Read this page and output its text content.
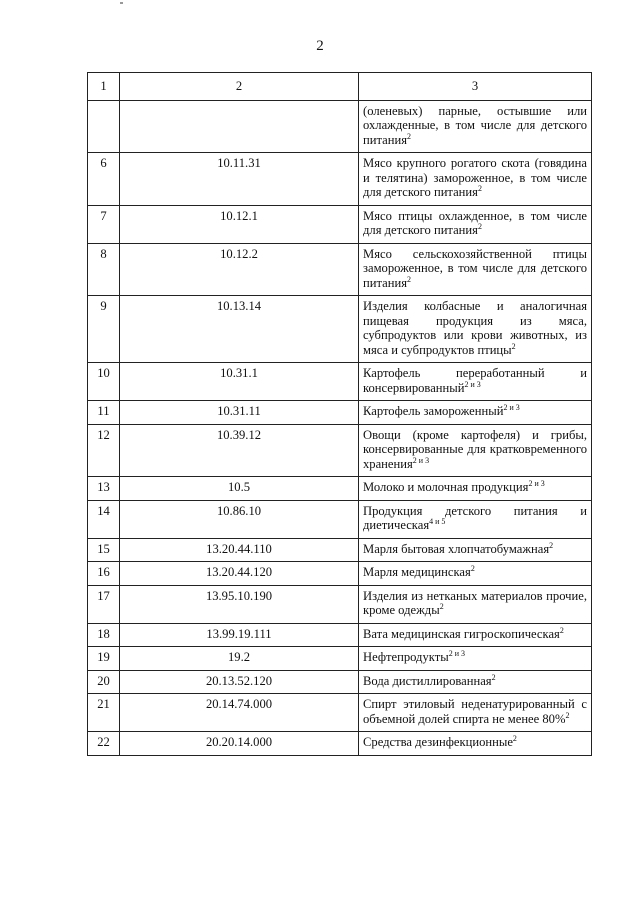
2
1	2	3
		(оленевых) парные, остывшие или охлажденные, в том числе для детского питания$^2$
6	10.11.31	Мясо крупного рогатого скота (говядина и телятина) замороженное, в том числе для детского питания$^2$
7	10.12.1	Мясо птицы охлажденное, в том числе для детского питания$^2$
8	10.12.2	Мясо сельскохозяйственной птицы замороженное, в том числе для детского питания$^2$
9	10.13.14	Изделия колбасные и аналогичная пищевая продукция из мяса, субпродуктов или крови животных, из мяса и субпродуктов птицы$^2$
10	10.31.1	Картофель переработанный и консервированный$^{2 и 3}$
11	10.31.11	Картофель замороженный$^{2 и 3}$
12	10.39.12	Овощи (кроме картофеля) и грибы, консервированные для кратковременного хранения$^{2 и 3}$
13	10.5	Молоко и молочная продукция$^{2 и 3}$
14	10.86.10	Продукция детского питания и диетическая$^{4 и 5}$
15	13.20.44.110	Марля бытовая хлопчатобумажная$^2$
16	13.20.44.120	Марля медицинская$^2$
17	13.95.10.190	Изделия из нетканых материалов прочие, кроме одежды$^2$
18	13.99.19.111	Вата медицинская гигроскопическая$^2$
19	19.2	Нефтепродукты$^{2 и 3}$
20	20.13.52.120	Вода дистиллированная$^2$
21	20.14.74.000	Спирт этиловый неденатурированный с объемной долей спирта не менее 80%$^2$
22	20.20.14.000	Средства дезинфекционные$^2$
